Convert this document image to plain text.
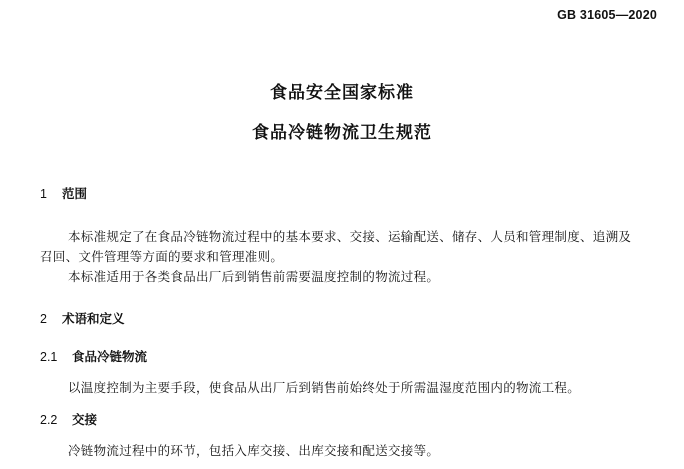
GB 31605—2020
食品安全国家标准
食品冷链物流卫生规范
1 范围
本标准规定了在食品冷链物流过程中的基本要求、交接、运输配送、储存、人员和管理制度、追溯及
召回、文件管理等方面的要求和管理准则。
本标准适用于各类食品出厂后到销售前需要温度控制的物流过程。
2 术语和定义
2.1 食品冷链物流
以温度控制为主要手段，使食品从出厂后到销售前始终处于所需温湿度范围内的物流工程。
2.2 交接
冷链物流过程中的环节，包括入库交接、出库交接和配送交接等。
